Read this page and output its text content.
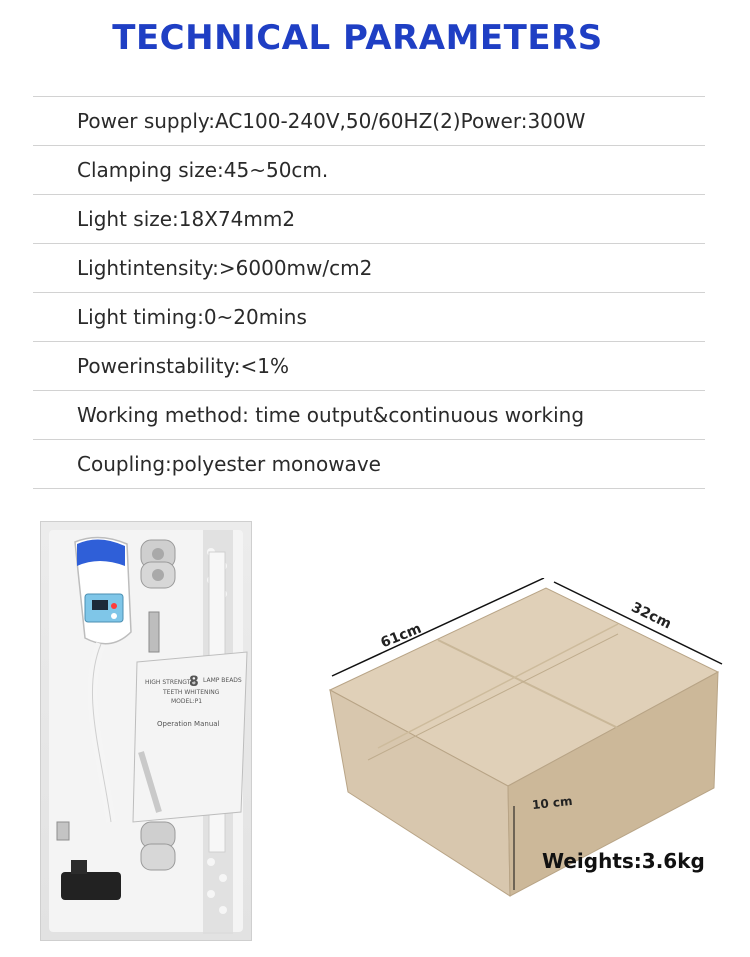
TECHNICAL PARAMETERS
Power supply:AC100-240V,50/60HZ(2)Power:300W
Clamping size:45~50cm.
Light size:18X74mm2
Lightintensity:>6000mw/cm2
Light timing:0~20mins
Powerinstability:<1%
Working method: time output&continuous working
Coupling:polyester monowave
HIGH STRENGTH
8 LAMP BEADS
TEETH WHITENING
MODEL:P1
Operation Manual
61cm
32cm
10 cm
Weights:3.6kg
